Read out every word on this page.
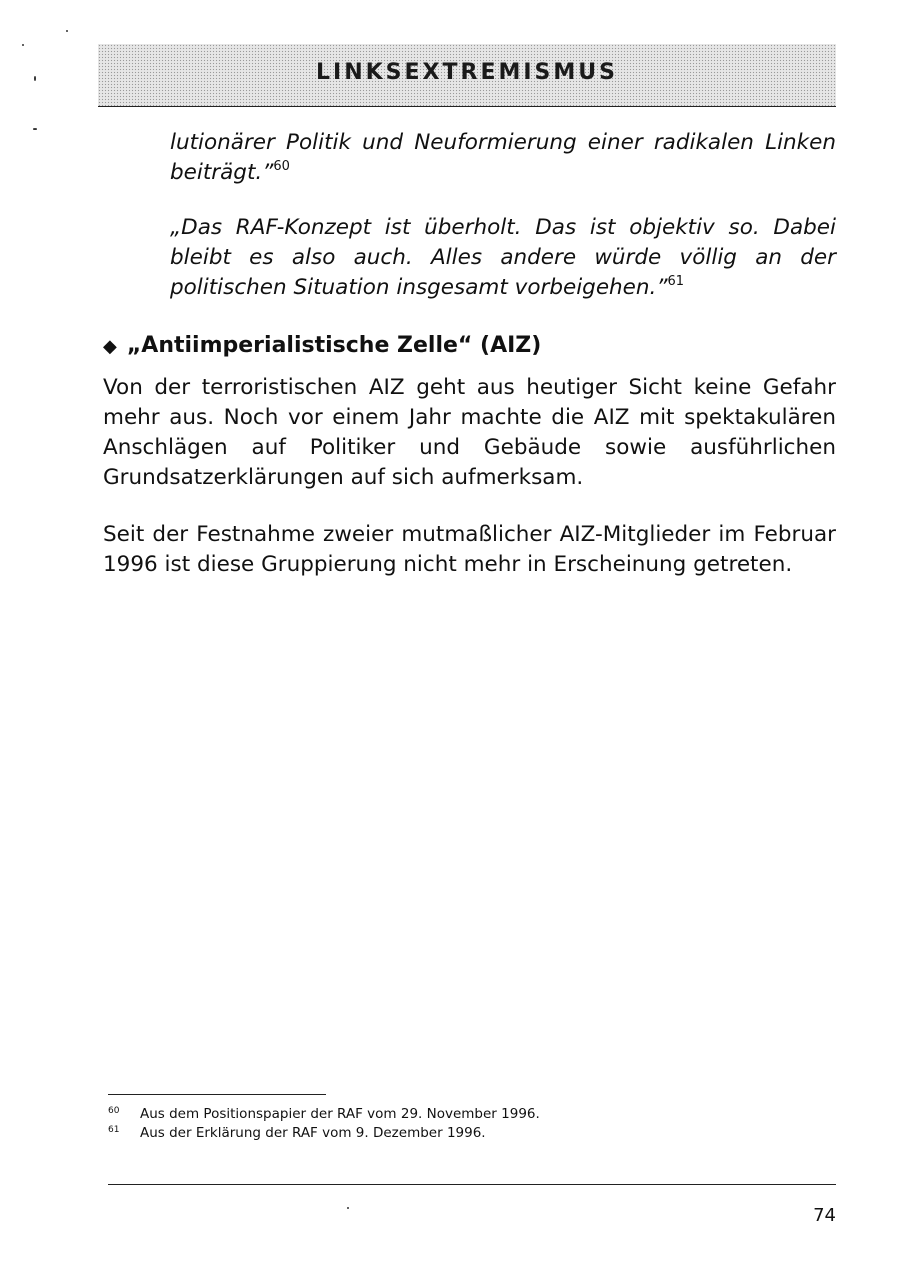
LINKSEXTREMISMUS

lutionärer Politik und Neuformierung einer radikalen Linken beiträgt.”$^{60}$

„Das RAF-Konzept ist überholt. Das ist objektiv so. Dabei bleibt es also auch. Alles andere würde völlig an der politischen Situation insgesamt vorbeigehen.”$^{61}$

◆ „Antiimperialistische Zelle“ (AIZ)

Von der terroristischen AIZ geht aus heutiger Sicht keine Gefahr mehr aus. Noch vor einem Jahr machte die AIZ mit spektakulären Anschlägen auf Politiker und Gebäude sowie ausführlichen Grundsatzerklärungen auf sich aufmerksam.

Seit der Festnahme zweier mutmaßlicher AIZ-Mitglieder im Februar 1996 ist diese Gruppierung nicht mehr in Erscheinung getreten.

60 Aus dem Positionspapier der RAF vom 29. November 1996.
61 Aus der Erklärung der RAF vom 9. Dezember 1996.
74
